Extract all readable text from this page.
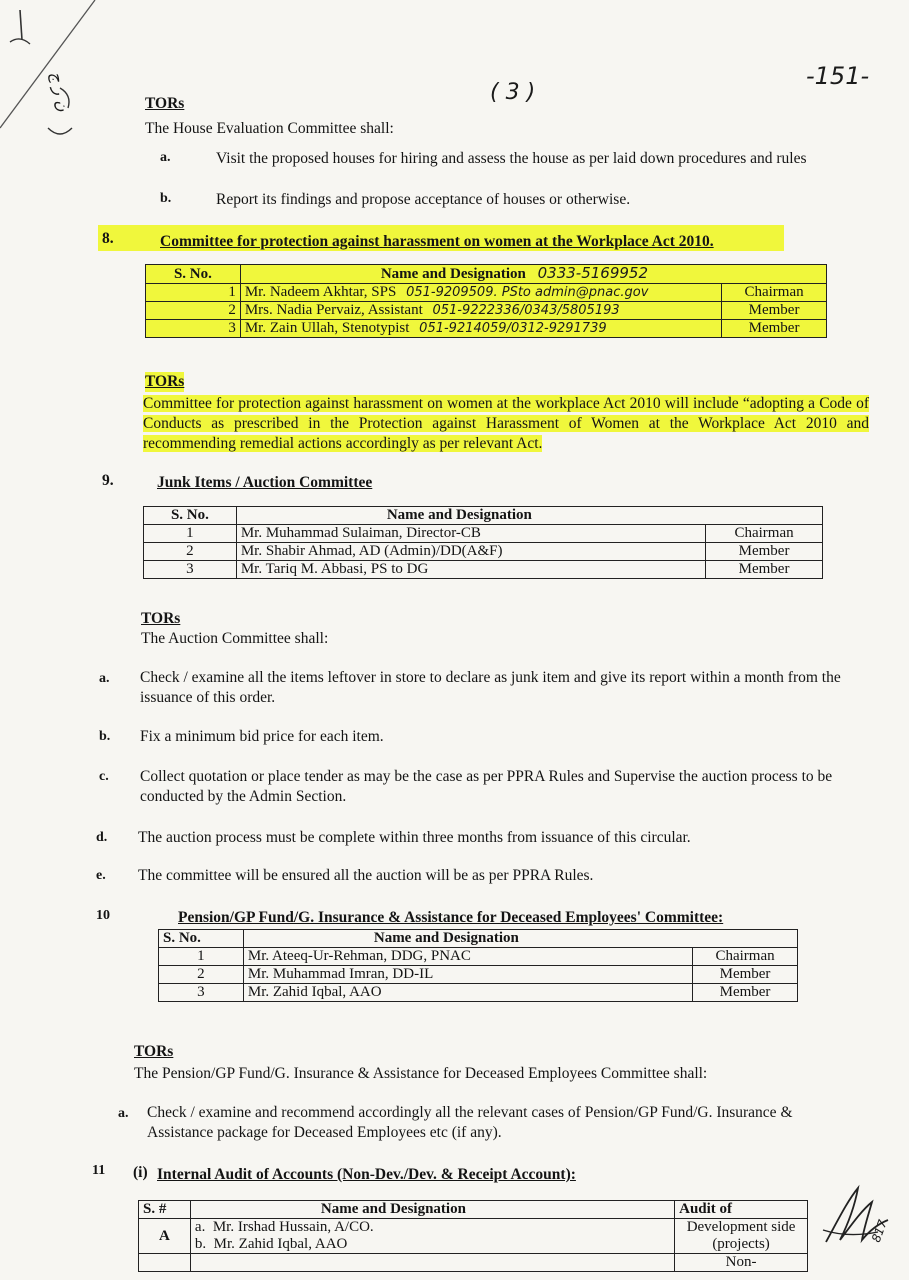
ن ر ج	( 3 )
-151-
TORs
The House Evaluation Committee shall:
a.	Visit the proposed houses for hiring and assess the house as per laid down procedures and rules
b.	Report its findings and propose acceptance of houses or otherwise.
8.	Committee for protection against harassment on women at the Workplace Act 2010.
S. No.	Name and Designation 0333-5169952	
1	Mr. Nadeem Akhtar, SPS 051-9209509. PSto admin@pnac.gov	Chairman
2	Mrs. Nadia Pervaiz, Assistant 051-9222336/0343/5805193	Member
3	Mr. Zain Ullah, Stenotypist 051-9214059/0312-9291739	Member
TORs
Committee for protection against harassment on women at the workplace Act 2010 will include “adopting a Code of Conducts as prescribed in the Protection against Harassment of Women at the Workplace Act 2010 and recommending remedial actions accordingly as per relevant Act.
9.	Junk Items / Auction Committee
S. No.	Name and Designation	
1	Mr. Muhammad Sulaiman, Director-CB	Chairman
2	Mr. Shabir Ahmad, AD (Admin)/DD(A&F)	Member
3	Mr. Tariq M. Abbasi, PS to DG	Member
TORs
The Auction Committee shall:
a. Check / examine all the items leftover in store to declare as junk item and give its report within a month from the issuance of this order.
b. Fix a minimum bid price for each item.
c. Collect quotation or place tender as may be the case as per PPRA Rules and Supervise the auction process to be conducted by the Admin Section.
d. The auction process must be complete within three months from issuance of this circular.
e. The committee will be ensured all the auction will be as per PPRA Rules.
10	Pension/GP Fund/G. Insurance & Assistance for Deceased Employees' Committee:
S. No.	Name and Designation	
1	Mr. Ateeq-Ur-Rehman, DDG, PNAC	Chairman
2	Mr. Muhammad Imran, DD-IL	Member
3	Mr. Zahid Iqbal, AAO	Member
TORs
The Pension/GP Fund/G. Insurance & Assistance for Deceased Employees Committee shall:
a. Check / examine and recommend accordingly all the relevant cases of Pension/GP Fund/G. Insurance & Assistance package for Deceased Employees etc (if any).
11 (i) Internal Audit of Accounts (Non-Dev./Dev. & Receipt Account):
S. #	Name and Designation	Audit of
A	a. Mr. Irshad Hussain, A/CO.
b. Mr. Zahid Iqbal, AAO	Development side (projects)
		Non-
817
